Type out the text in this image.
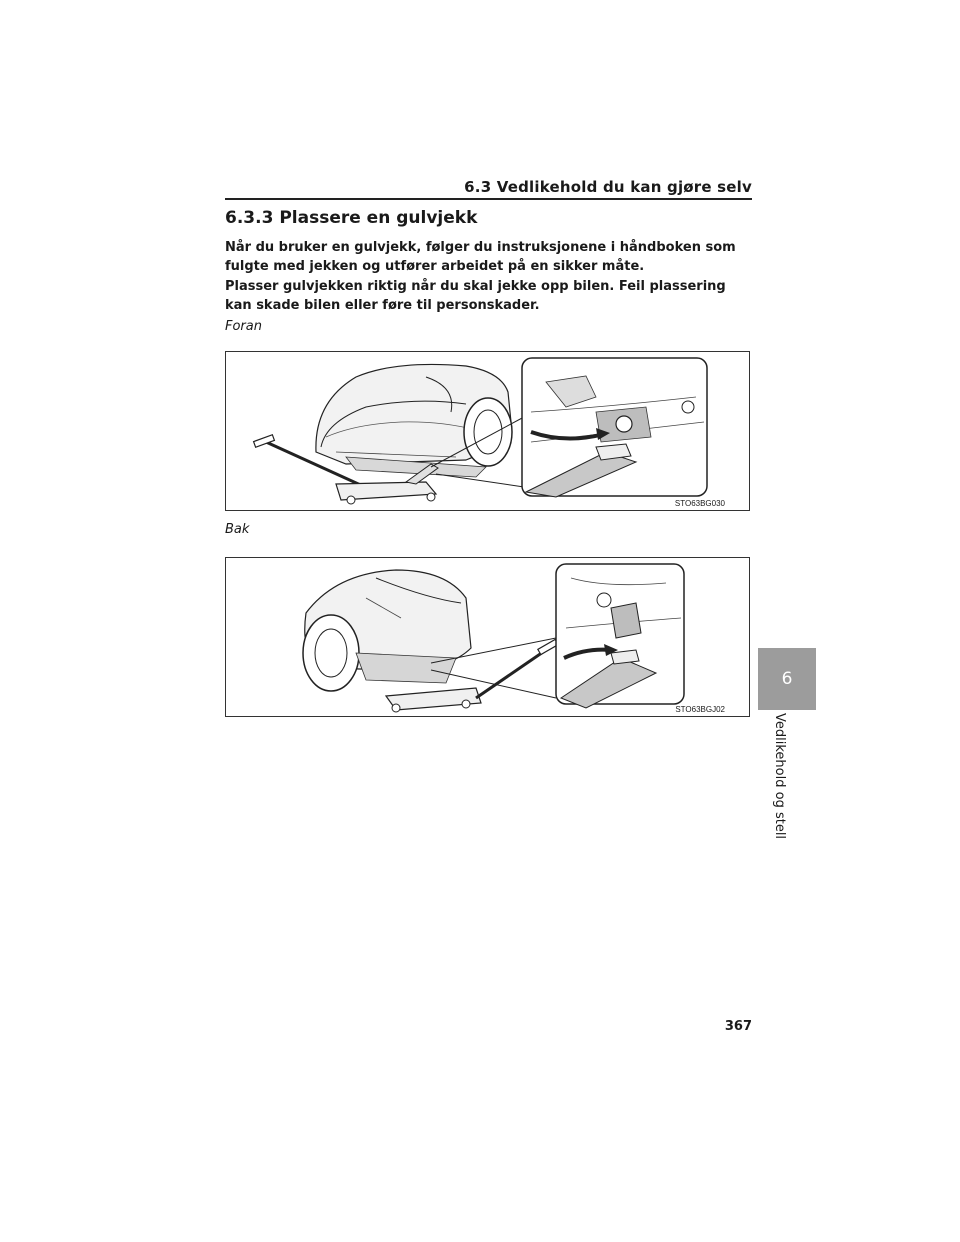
6.3 Vedlikehold du kan gjøre selv
6.3.3 Plassere en gulvjekk
Når du bruker en gulvjekk, følger du instruksjonene i håndboken som fulgte med jekken og utfører arbeidet på en sikker måte.
Plasser gulvjekken riktig når du skal jekke opp bilen. Feil plassering kan skade bilen eller føre til personskader.
Foran
STO63BG030
Bak
STO63BGJ02
6
Vedlikehold og stell
367
